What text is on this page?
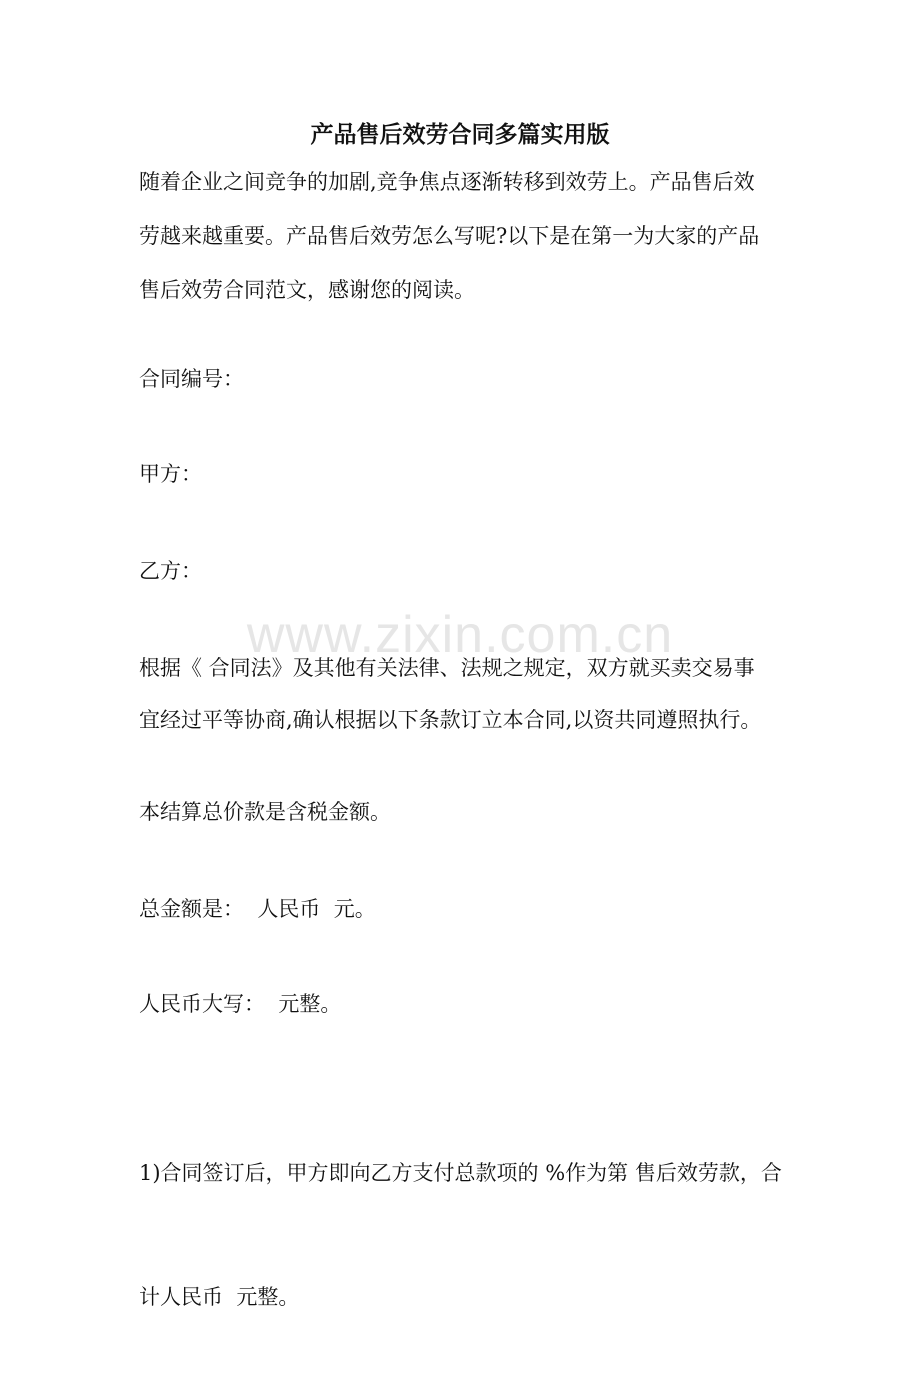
www.zixin.com.cn
产品售后效劳合同多篇实用版
随着企业之间竞争的加剧,竞争焦点逐渐转移到效劳上。产品售后效
劳越来越重要。产品售后效劳怎么写呢?以下是在第一为大家的产品
售后效劳合同范文，感谢您的阅读。
合同编号：
甲方：
乙方：
根据《 合同法》及其他有关法律、法规之规定，双方就买卖交易事
宜经过平等协商,确认根据以下条款订立本合同,以资共同遵照执行。
本结算总价款是含税金额。
总金额是：  人民币  元。
人民币大写：  元整。

1)合同签订后，甲方即向乙方支付总款项的 %作为第 售后效劳款，合

计人民币  元整。
